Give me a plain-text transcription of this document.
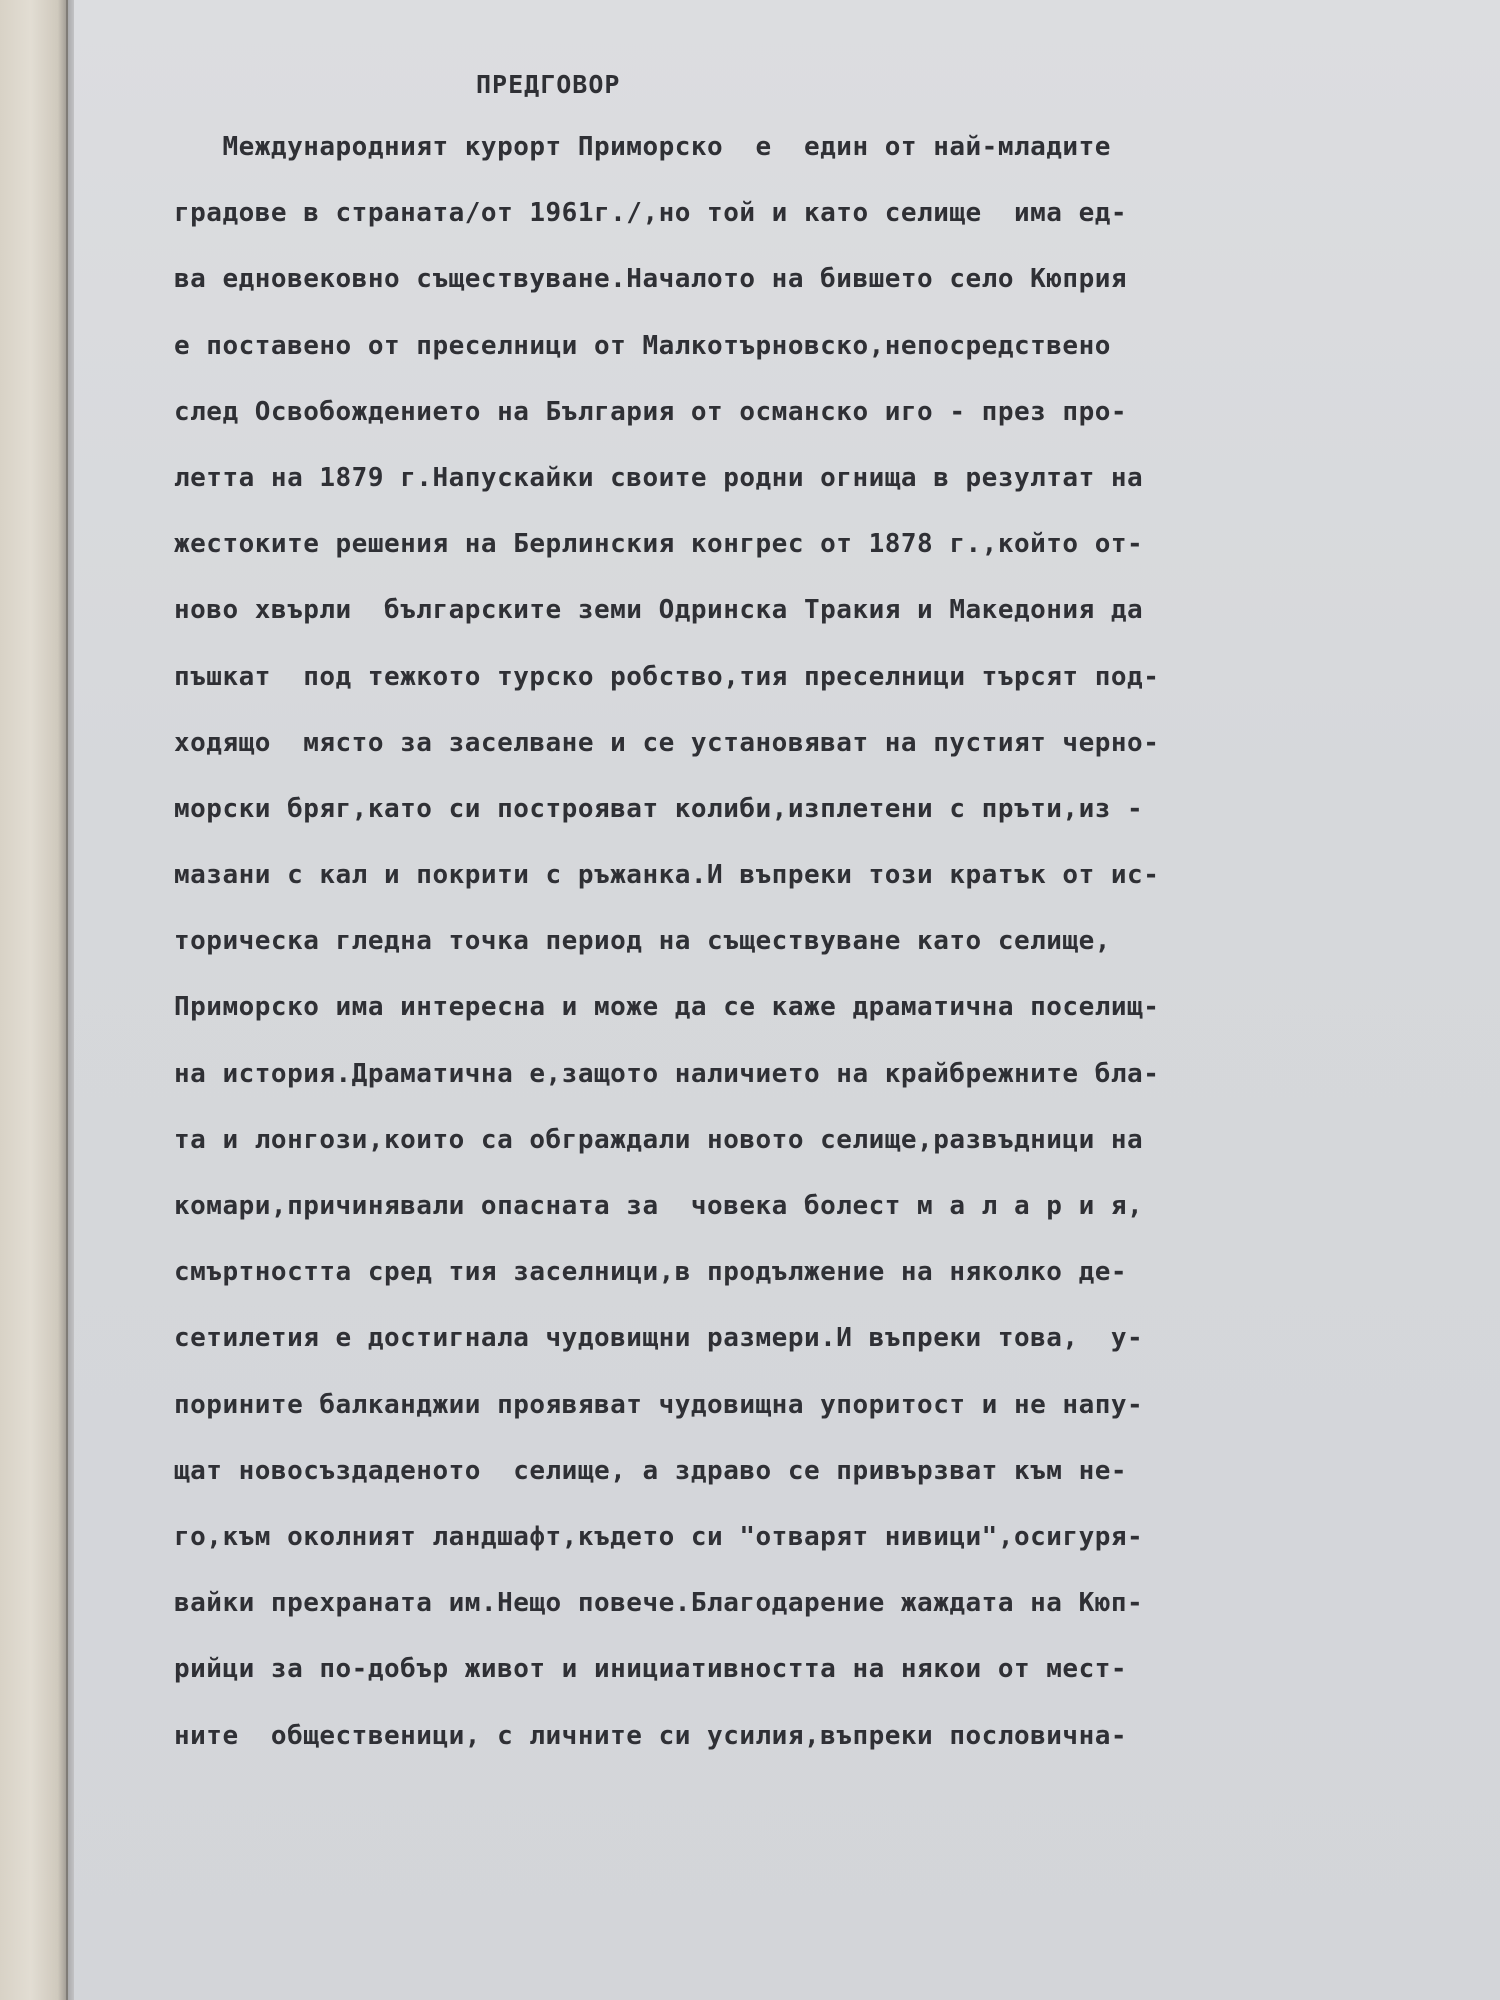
ПРЕДГОВОР
Международният курорт Приморско  е  един от най-младите
градове в страната/от 1961г./,но той и като селище  има ед-
ва едновековно съществуване.Началото на бившето село Кюприя
е поставено от преселници от Малкотърновско,непосредствено
след Освобождението на България от османско иго - през про-
летта на 1879 г.Напускайки своите родни огнища в резултат на
жестоките решения на Берлинския конгрес от 1878 г.,който от-
ново хвърли  българските земи Одринска Тракия и Македония да
пъшкат  под тежкото турско робство,тия преселници търсят под-
ходящо  място за заселване и се установяват на пустият черно-
морски бряг,като си построяват колиби,изплетени с пръти,из -
мазани с кал и покрити с ръжанка.И въпреки този кратък от ис-
торическа гледна точка период на съществуване като селище,
Приморско има интересна и може да се каже драматична поселищ-
на история.Драматична е,защото наличието на крайбрежните бла-
та и лонгози,които са обграждали новото селище,развъдници на
комари,причинявали опасната за  човека болест м а л а р и я,
смъртността сред тия заселници,в продължение на няколко де-
сетилетия е достигнала чудовищни размери.И въпреки това,  у-
порините балканджии проявяват чудовищна упоритост и не напу-
щат новосъздаденото  селище, а здраво се привързват към не-
го,към околният ландшафт,където си "отварят нивици",осигуря-
вайки прехраната им.Нещо повече.Благодарение жаждата на Кюп-
рийци за по-добър живот и инициативността на някои от мест-
ните  общественици, с личните си усилия,въпреки пословична-
